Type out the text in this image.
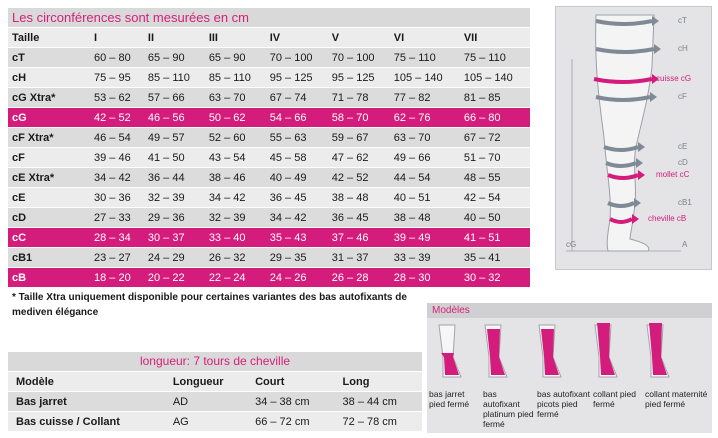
Les circonférences sont mesurées en cm
Taille	I	II	III	IV	V	VI	VII
cT	60 – 80	65 – 90	65 – 90	70 – 100	70 – 100	75 – 110	75 – 110
cH	75 – 95	85 – 110	85 – 110	95 – 125	95 – 125	105 – 140	105 – 140
cG Xtra*	53 – 62	57 – 66	63 – 70	67 – 74	71 – 78	77 – 82	81 – 85
cG	42 – 52	46 – 56	50 – 62	54 – 66	58 – 70	62 – 76	66 – 80
cF Xtra*	46 – 54	49 – 57	52 – 60	55 – 63	59 – 67	63 – 70	67 – 72
cF	39 – 46	41 – 50	43 – 54	45 – 58	47 – 62	49 – 66	51 – 70
cE Xtra*	34 – 42	36 – 44	38 – 46	40 – 49	42 – 52	44 – 54	48 – 55
cE	30 – 36	32 – 39	34 – 42	36 – 45	38 – 48	40 – 51	42 – 54
cD	27 – 33	29 – 36	32 – 39	34 – 42	36 – 45	38 – 48	40 – 50
cC	28 – 34	30 – 37	33 – 40	35 – 43	37 – 46	39 – 49	41 – 51
cB1	23 – 27	24 – 29	26 – 32	29 – 35	31 – 37	33 – 39	35 – 41
cB	18 – 20	20 – 22	22 – 24	24 – 26	26 – 28	28 – 30	30 – 32
* Taille Xtra uniquement disponible pour certaines variantes des bas autofixants de mediven élégance
longueur: 7 tours de cheville
Modèle	Longueur	Court	Long
Bas jarret	AD	34 – 38 cm	38 – 44 cm
Bas cuisse / Collant	AG	66 – 72 cm	72 – 78 cm
cT
cH
cuisse cG
cF
cE
cD
mollet cC
cB1
cheville cB
A
cG
Modèles
bas jarret pied fermé
bas autofixant platinum pied fermé
bas autofixant picots pied fermé
collant pied fermé
collant maternité pied fermé
